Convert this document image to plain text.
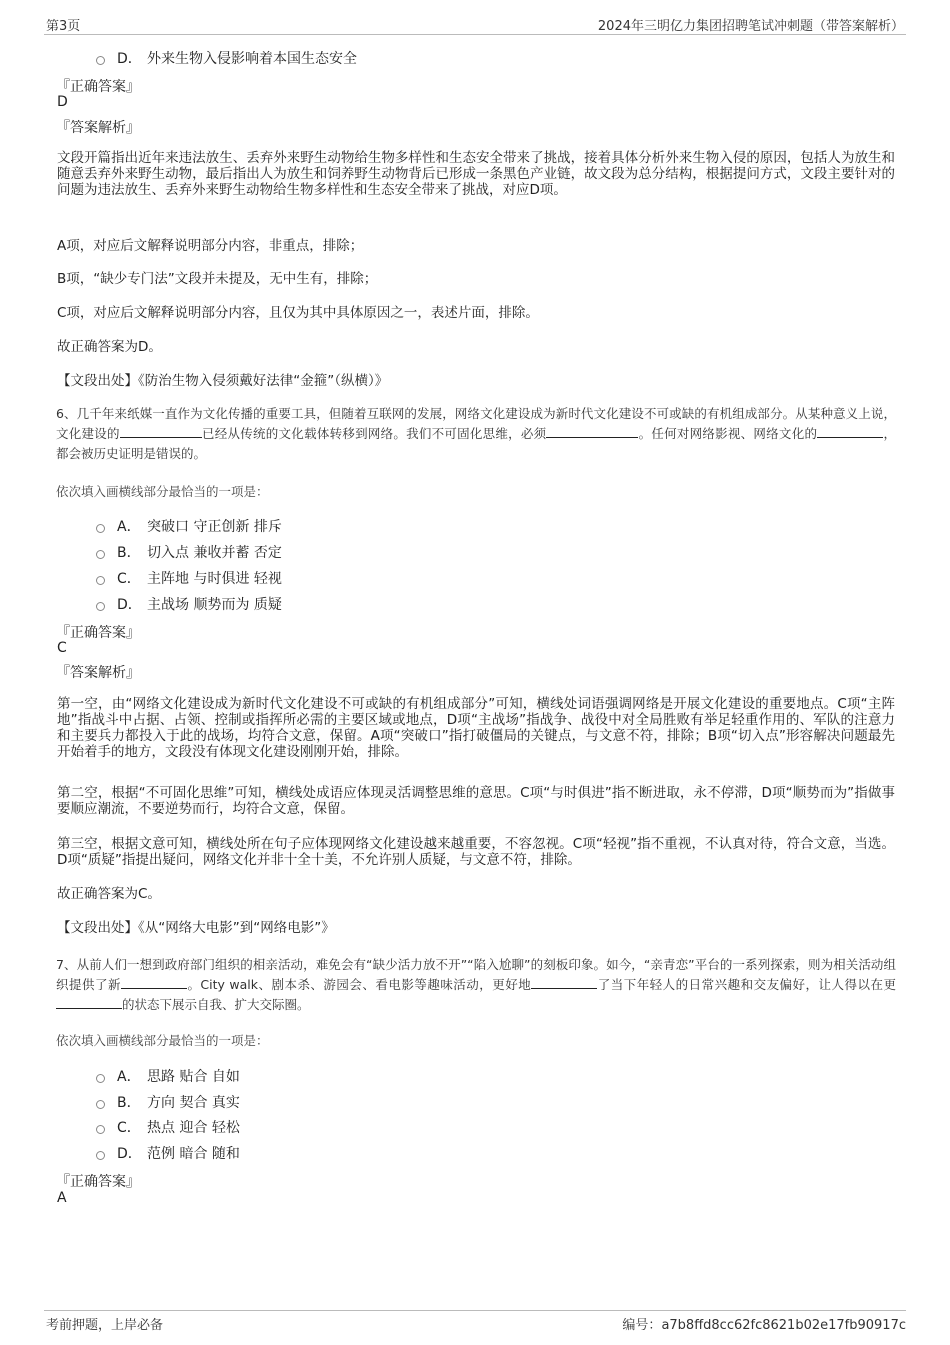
第3页	2024年三明亿力集团招聘笔试冲刺题（带答案解析）
D． 外来生物入侵影响着本国生态安全
『正确答案』
D
『答案解析』
文段开篇指出近年来违法放生、丢弃外来野生动物给生物多样性和生态安全带来了挑战，接着具体分析外来生物入侵的原因，包括人为放生和随意丢弃外来野生动物，最后指出人为放生和饲养野生动物背后已形成一条黑色产业链，故文段为总分结构，根据提问方式，文段主要针对的问题为违法放生、丢弃外来野生动物给生物多样性和生态安全带来了挑战，对应D项。
A项，对应后文解释说明部分内容，非重点，排除；
B项，“缺少专门法”文段并未提及，无中生有，排除；
C项，对应后文解释说明部分内容，且仅为其中具体原因之一，表述片面，排除。
故正确答案为D。
【文段出处】《防治生物入侵须戴好法律“金箍”（纵横）》
6、几千年来纸媒一直作为文化传播的重要工具，但随着互联网的发展，网络文化建设成为新时代文化建设不可或缺的有机组成部分。从某种意义上说，文化建设的	已经从传统的文化载体转移到网络。我们不可固化思维，必须	。任何对网络影视、网络文化的	，都会被历史证明是错误的。
依次填入画横线部分最恰当的一项是：
A． 突破口 守正创新 排斥
B． 切入点 兼收并蓄 否定
C． 主阵地 与时俱进 轻视
D． 主战场 顺势而为 质疑
『正确答案』
C
『答案解析』
第一空，由“网络文化建设成为新时代文化建设不可或缺的有机组成部分”可知，横线处词语强调网络是开展文化建设的重要地点。C项“主阵地”指战斗中占据、占领、控制或指挥所必需的主要区域或地点，D项“主战场”指战争、战役中对全局胜败有举足轻重作用的、军队的注意力和主要兵力都投入于此的战场，均符合文意，保留。A项“突破口”指打破僵局的关键点，与文意不符，排除；B项“切入点”形容解决问题最先开始着手的地方，文段没有体现文化建设刚刚开始，排除。
第二空，根据“不可固化思维”可知，横线处成语应体现灵活调整思维的意思。C项“与时俱进”指不断进取，永不停滞，D项“顺势而为”指做事要顺应潮流，不要逆势而行，均符合文意，保留。
第三空，根据文意可知，横线处所在句子应体现网络文化建设越来越重要，不容忽视。C项“轻视”指不重视，不认真对待，符合文意，当选。D项“质疑”指提出疑问，网络文化并非十全十美，不允许别人质疑，与文意不符，排除。
故正确答案为C。
【文段出处】《从“网络大电影”到“网络电影”》
7、从前人们一想到政府部门组织的相亲活动，难免会有“缺少活力放不开”“陷入尬聊”的刻板印象。如今，“亲青恋”平台的一系列探索，则为相关活动组织提供了新	。City walk、剧本杀、游园会、看电影等趣味活动，更好地	了当下年轻人的日常兴趣和交友偏好，让人得以在更的状态下展示自我、扩大交际圈。
依次填入画横线部分最恰当的一项是：
A． 思路 贴合 自如
B． 方向 契合 真实
C． 热点 迎合 轻松
D． 范例 暗合 随和
『正确答案』
A
考前押题，上岸必备	编号：a7b8ffd8cc62fc8621b02e17fb90917c
